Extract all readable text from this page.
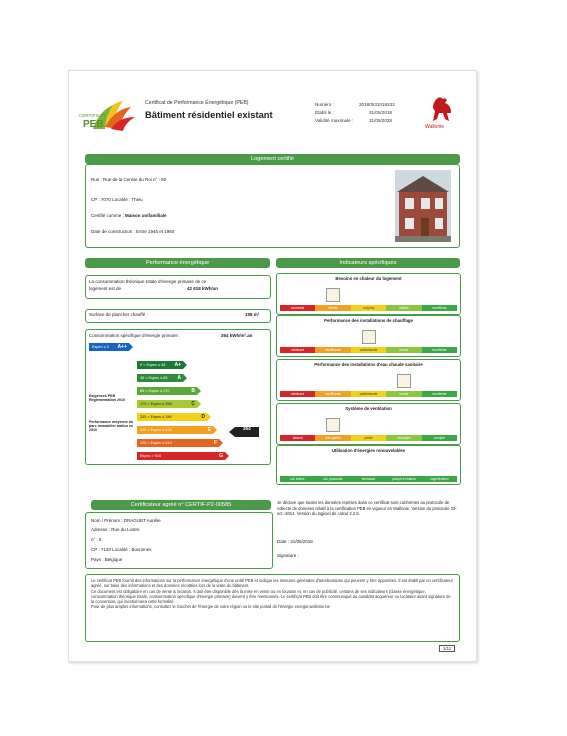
CERTIFICAT
PEB
Certificat de Performance Énergétique (PEB)
Bâtiment résidentiel existant
Numéro :	20180531019232
Établi le :	31/05/2018
Validité maximale :	31/05/2028
Wallonie
Logement certifié
Rue : Rue de la Censie du Roi n° : 50
CP : 7070 Localité : Thieu
Certifié comme : Maison unifamiliale
Date de construction : Entre 1946 et 1960
Performance énergétique
La consommation théorique totale d'énergie primaire de ce
logement est de	42 618 kWh/an
Surface de plancher chauffé :	158 m²
Consommation spécifique d'énergie primaire :	264 kWh/m².an
Exigences PEB Réglementation 2010
Performance moyenne du parc immobilier wallon en 2010
Espec ≤ 0 A++
0 < Espec ≤ 45 A+
45 < Espec ≤ 85 A
85 < Espec ≤ 170	B
170 < Espec ≤ 255	C
255 < Espec ≤ 340	D
340 < Espec ≤ 425	E
425 < Espec ≤ 510	F
Espec > 510	G
264
Indicateurs spécifiques
Besoins en chaleur du logement
excessifs	élevés	moyens	faibles	excellents
Performance des installations de chauffage
médiocre	insuffisante	satisfaisante	bonne	excellente
Performance des installations d'eau chaude sanitaire
médiocre	insuffisante	satisfaisante	bonne	excellente
Système de ventilation
absent	très partiel	partiel	incomplet	complet
Utilisation d'énergies renouvelables
sol. therm.	sol. photovolt.	biomasse	pompe à chaleur	cogénération
Certificateur agréé n° CERTIF-P2-00585
Nom / Prénom : DRAGUET Aurélie
Adresse : Rue du Lustre
n° : 8
CP : 7133 Localité : Buvrinnes
Pays : Belgique
Je déclare que toutes les données reprises dans ce certificat sont conformes au protocole de collecte de données relatif à la certification PEB en vigueur en Wallonie. Version du protocole 23-oct.-2014. Version du logiciel de calcul 2.2.5.
Date : 31/05/2018
Signature :
Le certificat PEB fournit des informations sur la performance énergétique d'une unité PEB et indique les mesures générales d'améliorations qui peuvent y être apportées. Il est établi par un certificateur agréé, sur base des informations et des données récoltées lors de la visite du bâtiment.
Ce document est obligatoire en cas de vente & location. Il doit être disponible dès la mise en vente ou en location et, en cas de publicité, certains de ses indicateurs (classe énergétique, consommation théorique totale, consommation spécifique d'énergie primaire) doivent y être mentionnés. Le certificat PEB doit être communiqué au candidat acquéreur ou locataire avant signature de la convention, qui mentionnera cette formalité.
Pour de plus amples informations, consultez le Guichet de l'énergie de votre région ou le site portail de l'énergie energie.wallonie.be
1/11
